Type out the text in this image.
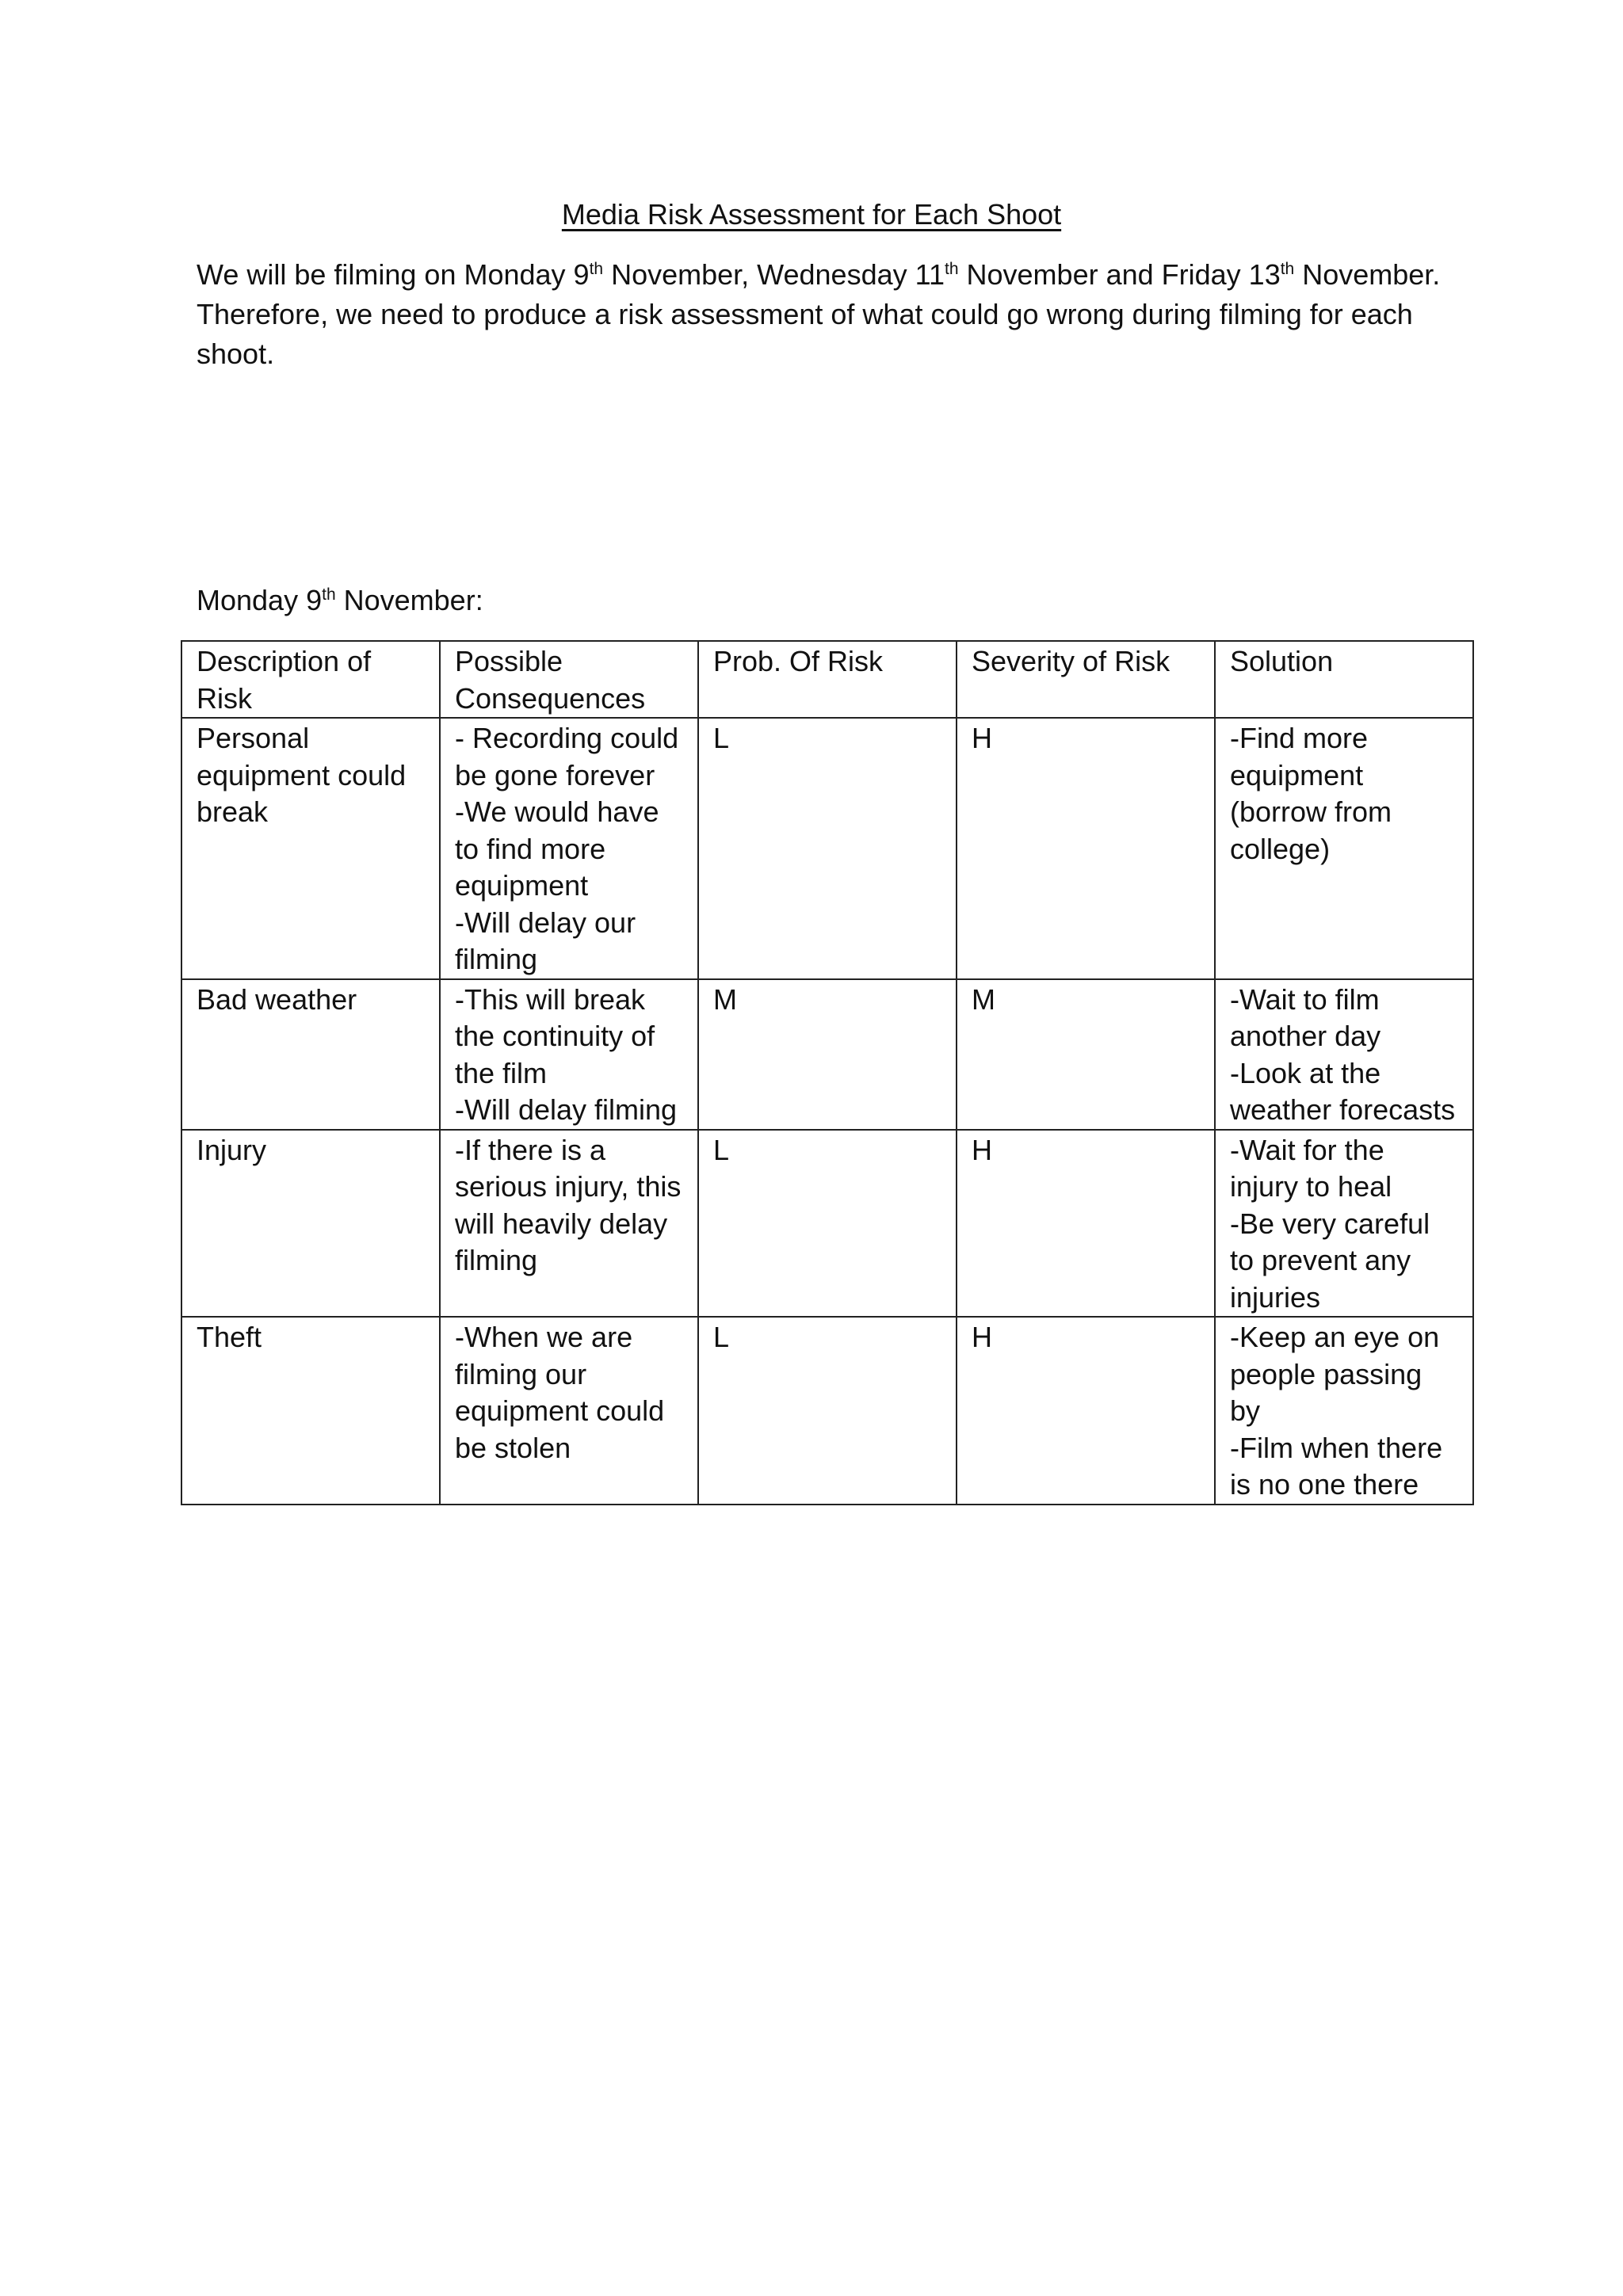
Media Risk Assessment for Each Shoot

We will be filming on Monday 9th November, Wednesday 11th November and Friday 13th November. Therefore, we need to produce a risk assessment of what could go wrong during filming for each shoot.

Monday 9th November:
Description of Risk	Possible Consequences	Prob. Of Risk	Severity of Risk	Solution
Personal equipment could break	- Recording could be gone forever
-We would have to find more equipment
-Will delay our filming	L	H	-Find more equipment (borrow from college)
Bad weather	-This will break the continuity of the film
-Will delay filming	M	M	-Wait to film another day
-Look at the weather forecasts
Injury	-If there is a serious injury, this will heavily delay filming	L	H	-Wait for the injury to heal
-Be very careful to prevent any injuries
Theft	-When we are filming our equipment could be stolen	L	H	-Keep an eye on people passing by
-Film when there is no one there
